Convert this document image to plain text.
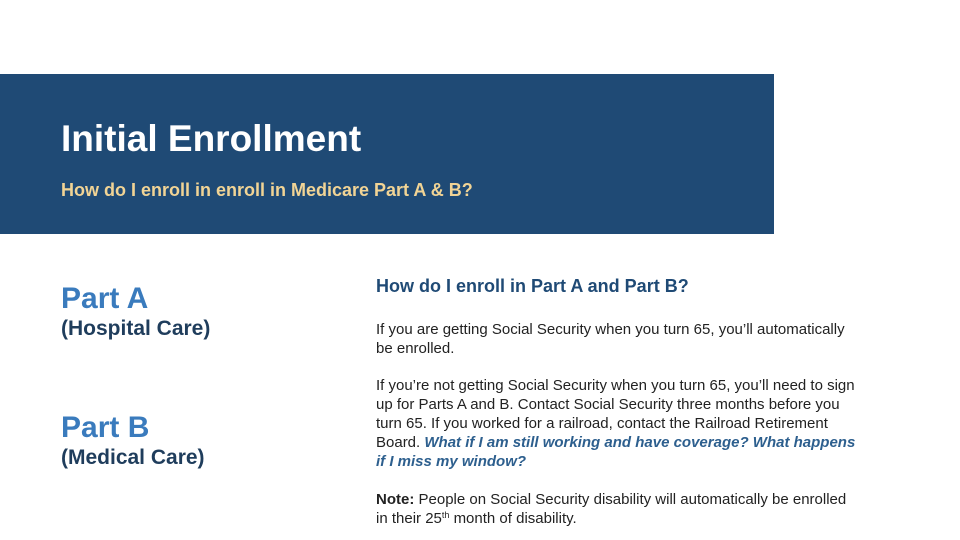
Initial Enrollment
How do I enroll in enroll in Medicare Part A & B?
Part A
(Hospital Care)
Part B
(Medical Care)
How do I enroll in Part A and Part B?

If you are getting Social Security when you turn 65, you’ll automatically be enrolled.

If you’re not getting Social Security when you turn 65, you’ll need to sign up for Parts A and B. Contact Social Security three months before you turn 65. If you worked for a railroad, contact the Railroad Retirement Board. What if I am still working and have coverage? What happens if I miss my window?

Note: People on Social Security disability will automatically be enrolled in their 25th month of disability.
